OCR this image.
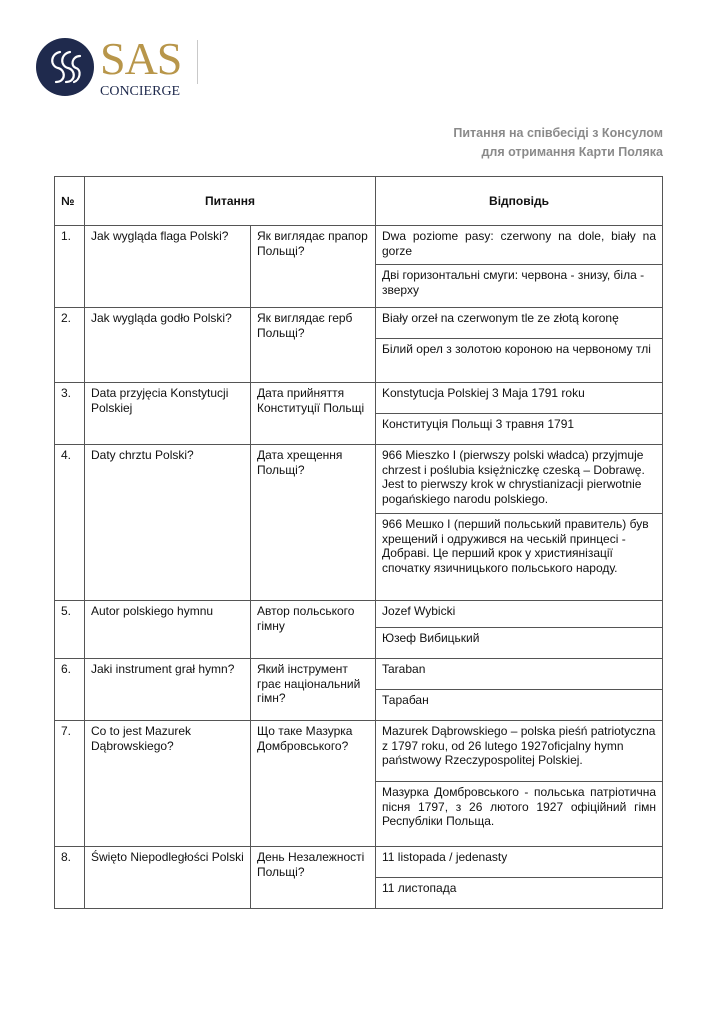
SAS
CONCIERGE
Питання на співбесіді з Консулом
для отримання Карти Поляка
№	Питання		Відповідь
1.	Jak wygląda flaga Polski?	Як виглядає прапор Польщі?	Dwa poziome pasy: czerwony na dole, biały na gorze
			Дві горизонтальні смуги: червона - знизу, біла - зверху
2.	Jak wygląda godło Polski?	Як виглядає герб Польщі?	Biały orzeł na czerwonym tle ze złotą koronę
			Білий орел з золотою короною на червоному тлі
3.	Data przyjęcia Konstytucji Polskiej	Дата прийняття Конституції Польщі	Konstytucja Polskiej 3 Maja 1791 roku
			Конституція Польщі 3 травня 1791
4.	Daty chrztu Polski?	Дата хрещення Польщі?	966 Mieszko I (pierwszy polski władca) przyjmuje chrzest i poślubia księżniczkę czeską – Dobrawę. Jest to pierwszy krok w chrystianizacji pierwotnie pogańskiego narodu polskiego.
			966 Мешко I (перший польський правитель) був хрещений і одружився на чеській принцесі - Добраві. Це перший крок у християнізації спочатку язичницького польського народу.
5.	Autor polskiego hymnu	Автор польського гімну	Jozef Wybicki
			Юзеф Вибицький
6.	Jaki instrument grał hymn?	Який інструмент грає національний гімн?	Taraban
			Тарабан
7.	Co to jest Mazurek Dąbrowskiego?	Що таке Мазурка Домбровського?	Mazurek Dąbrowskiego – polska pieśń patriotyczna z 1797 roku, od 26 lutego 1927oficjalny hymn państwowy Rzeczypospolitej Polskiej.
			Мазурка Домбровського - польська патріотична пісня 1797, з 26 лютого 1927 офіційний гімн Республіки Польща.
8.	Święto Niepodległości Polski	День Незалежності Польщі?	11 listopada / jedenasty
			11 листопада
